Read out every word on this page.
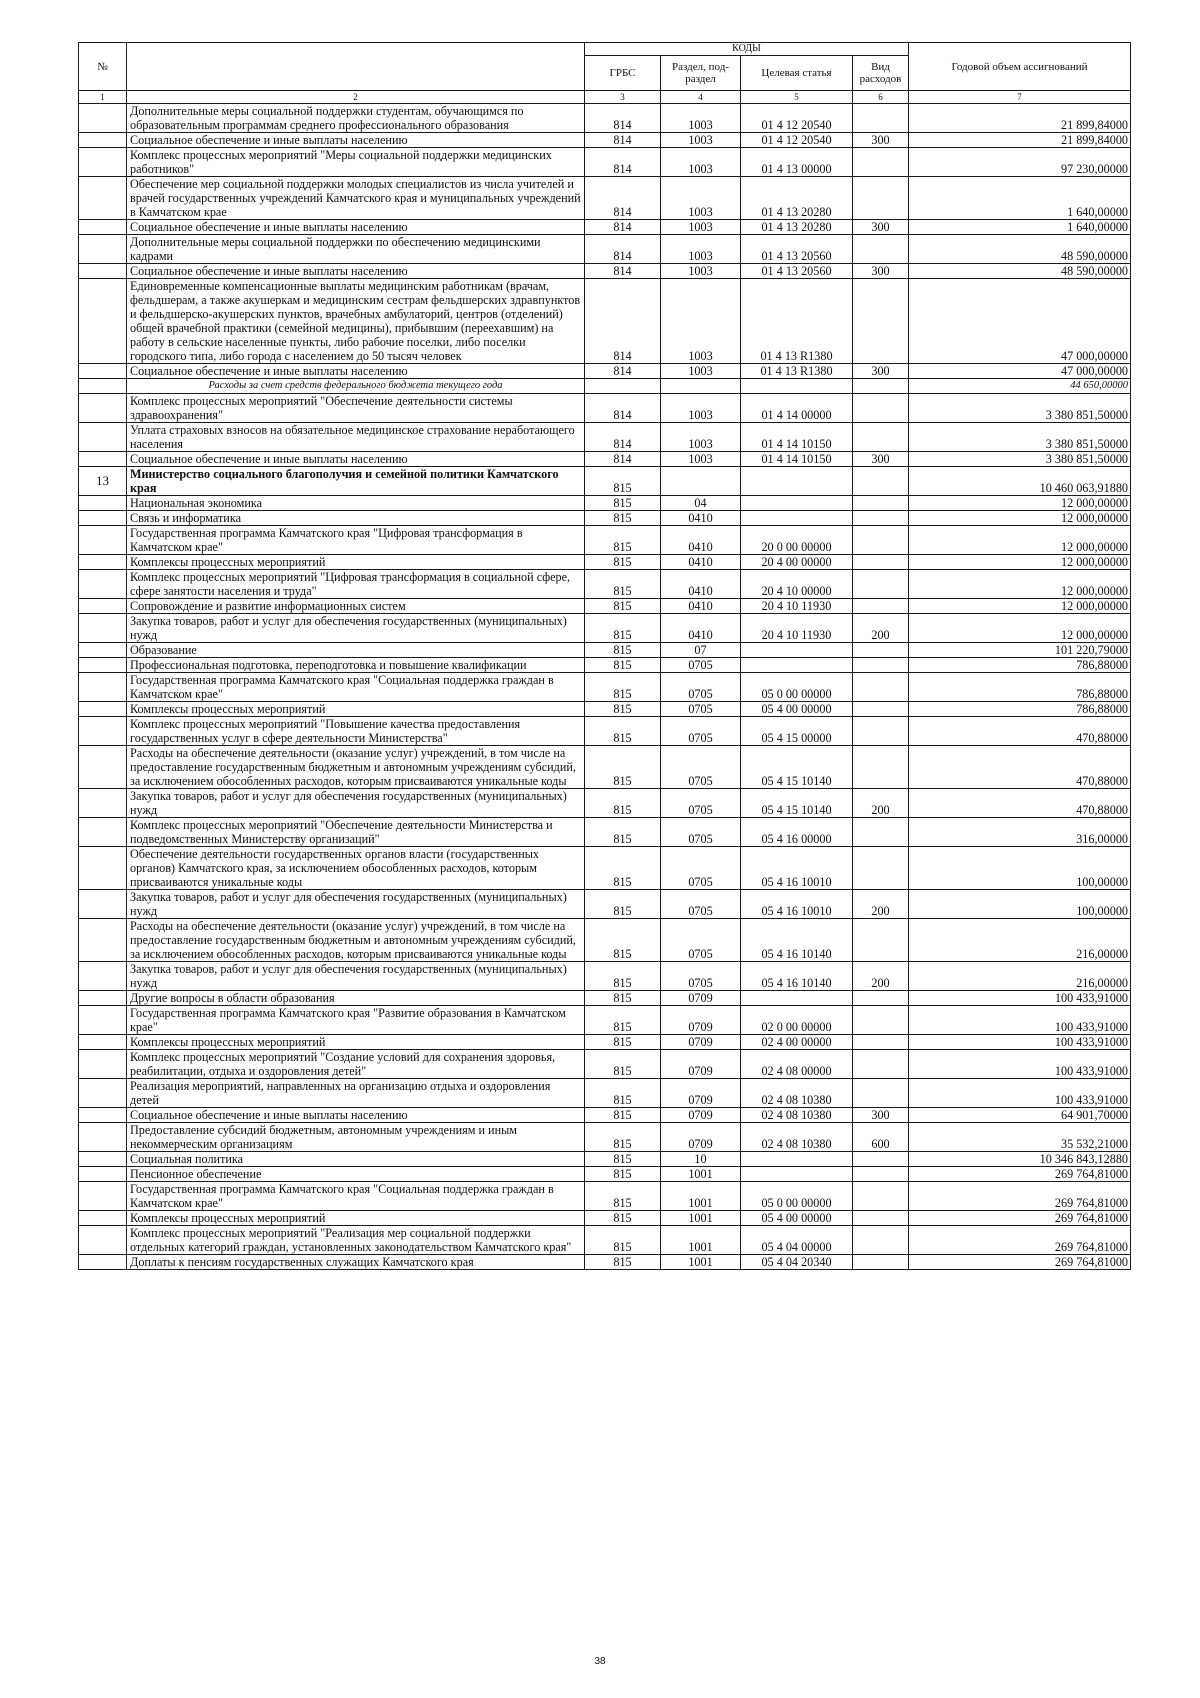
№		КОДЫ				Годовой объем ассигнований
		ГРБС	Раздел, под- раздел	Целевая статья	Вид расходов	
1	2	3	4	5	6	7
	Дополнительные меры социальной поддержки студентам, обучающимся по образовательным программам среднего профессионального образования	814	1003	01 4 12 20540		21 899,84000
	Социальное обеспечение и иные выплаты населению	814	1003	01 4 12 20540	300	21 899,84000
	Комплекс процессных мероприятий "Меры социальной поддержки медицинских работников"	814	1003	01 4 13 00000		97 230,00000
	Обеспечение мер социальной поддержки молодых специалистов из числа учителей и врачей государственных учреждений Камчатского края и муниципальных учреждений в Камчатском крае	814	1003	01 4 13 20280		1 640,00000
	Социальное обеспечение и иные выплаты населению	814	1003	01 4 13 20280	300	1 640,00000
	Дополнительные меры социальной поддержки по обеспечению медицинскими кадрами	814	1003	01 4 13 20560		48 590,00000
	Социальное обеспечение и иные выплаты населению	814	1003	01 4 13 20560	300	48 590,00000
	Единовременные компенсационные выплаты медицинским работникам (врачам, фельдшерам, а также акушеркам и медицинским сестрам фельдшерских здравпунктов и фельдшерско-акушерских пунктов, врачебных амбулаторий, центров (отделений) общей врачебной практики (семейной медицины), прибывшим (переехавшим) на работу в сельские населенные пункты, либо рабочие поселки, либо поселки городского типа, либо города с населением до 50 тысяч человек	814	1003	01 4 13 R1380		47 000,00000
	Социальное обеспечение и иные выплаты населению	814	1003	01 4 13 R1380	300	47 000,00000
	Расходы за счет средств федерального бюджета текущего года					44 650,00000
	Комплекс процессных мероприятий "Обеспечение деятельности системы здравоохранения"	814	1003	01 4 14 00000		3 380 851,50000
	Уплата страховых взносов на обязательное медицинское страхование неработающего населения	814	1003	01 4 14 10150		3 380 851,50000
	Социальное обеспечение и иные выплаты населению	814	1003	01 4 14 10150	300	3 380 851,50000
13	Министерство социального благополучия и семейной политики Камчатского края	815				10 460 063,91880
	Национальная экономика	815	04			12 000,00000
	Связь и информатика	815	0410			12 000,00000
	Государственная программа Камчатского края "Цифровая трансформация в Камчатском крае"	815	0410	20 0 00 00000		12 000,00000
	Комплексы процессных мероприятий	815	0410	20 4 00 00000		12 000,00000
	Комплекс процессных мероприятий "Цифровая трансформация в социальной сфере, сфере занятости населения и труда"	815	0410	20 4 10 00000		12 000,00000
	Сопровождение и развитие информационных систем	815	0410	20 4 10 11930		12 000,00000
	Закупка товаров, работ и услуг для обеспечения государственных (муниципальных) нужд	815	0410	20 4 10 11930	200	12 000,00000
	Образование	815	07			101 220,79000
	Профессиональная подготовка, переподготовка и повышение квалификации	815	0705			786,88000
	Государственная программа Камчатского края "Социальная поддержка граждан в Камчатском крае"	815	0705	05 0 00 00000		786,88000
	Комплексы процессных мероприятий	815	0705	05 4 00 00000		786,88000
	Комплекс процессных мероприятий "Повышение качества предоставления государственных услуг в сфере деятельности Министерства"	815	0705	05 4 15 00000		470,88000
	Расходы на обеспечение деятельности (оказание услуг) учреждений, в том числе на предоставление государственным бюджетным и автономным учреждениям субсидий, за исключением обособленных расходов, которым присваиваются уникальные коды	815	0705	05 4 15 10140		470,88000
	Закупка товаров, работ и услуг для обеспечения государственных (муниципальных) нужд	815	0705	05 4 15 10140	200	470,88000
	Комплекс процессных мероприятий "Обеспечение деятельности Министерства и подведомственных Министерству организаций"	815	0705	05 4 16 00000		316,00000
	Обеспечение деятельности государственных органов власти (государственных органов) Камчатского края, за исключением обособленных расходов, которым присваиваются уникальные коды	815	0705	05 4 16 10010		100,00000
	Закупка товаров, работ и услуг для обеспечения государственных (муниципальных) нужд	815	0705	05 4 16 10010	200	100,00000
	Расходы на обеспечение деятельности (оказание услуг) учреждений, в том числе на предоставление государственным бюджетным и автономным учреждениям субсидий, за исключением обособленных расходов, которым присваиваются уникальные коды	815	0705	05 4 16 10140		216,00000
	Закупка товаров, работ и услуг для обеспечения государственных (муниципальных) нужд	815	0705	05 4 16 10140	200	216,00000
	Другие вопросы в области образования	815	0709			100 433,91000
	Государственная программа Камчатского края "Развитие образования в Камчатском крае"	815	0709	02 0 00 00000		100 433,91000
	Комплексы процессных мероприятий	815	0709	02 4 00 00000		100 433,91000
	Комплекс процессных мероприятий "Создание условий для сохранения здоровья, реабилитации, отдыха и оздоровления детей"	815	0709	02 4 08 00000		100 433,91000
	Реализация мероприятий, направленных на организацию отдыха и оздоровления детей	815	0709	02 4 08 10380		100 433,91000
	Социальное обеспечение и иные выплаты населению	815	0709	02 4 08 10380	300	64 901,70000
	Предоставление субсидий бюджетным, автономным учреждениям и иным некоммерческим организациям	815	0709	02 4 08 10380	600	35 532,21000
	Социальная политика	815	10			10 346 843,12880
	Пенсионное обеспечение	815	1001			269 764,81000
	Государственная программа Камчатского края "Социальная поддержка граждан в Камчатском крае"	815	1001	05 0 00 00000		269 764,81000
	Комплексы процессных мероприятий	815	1001	05 4 00 00000		269 764,81000
	Комплекс процессных мероприятий "Реализация мер социальной поддержки отдельных категорий граждан, установленных законодательством Камчатского края"	815	1001	05 4 04 00000		269 764,81000
	Доплаты к пенсиям государственных служащих Камчатского края	815	1001	05 4 04 20340		269 764,81000
38
